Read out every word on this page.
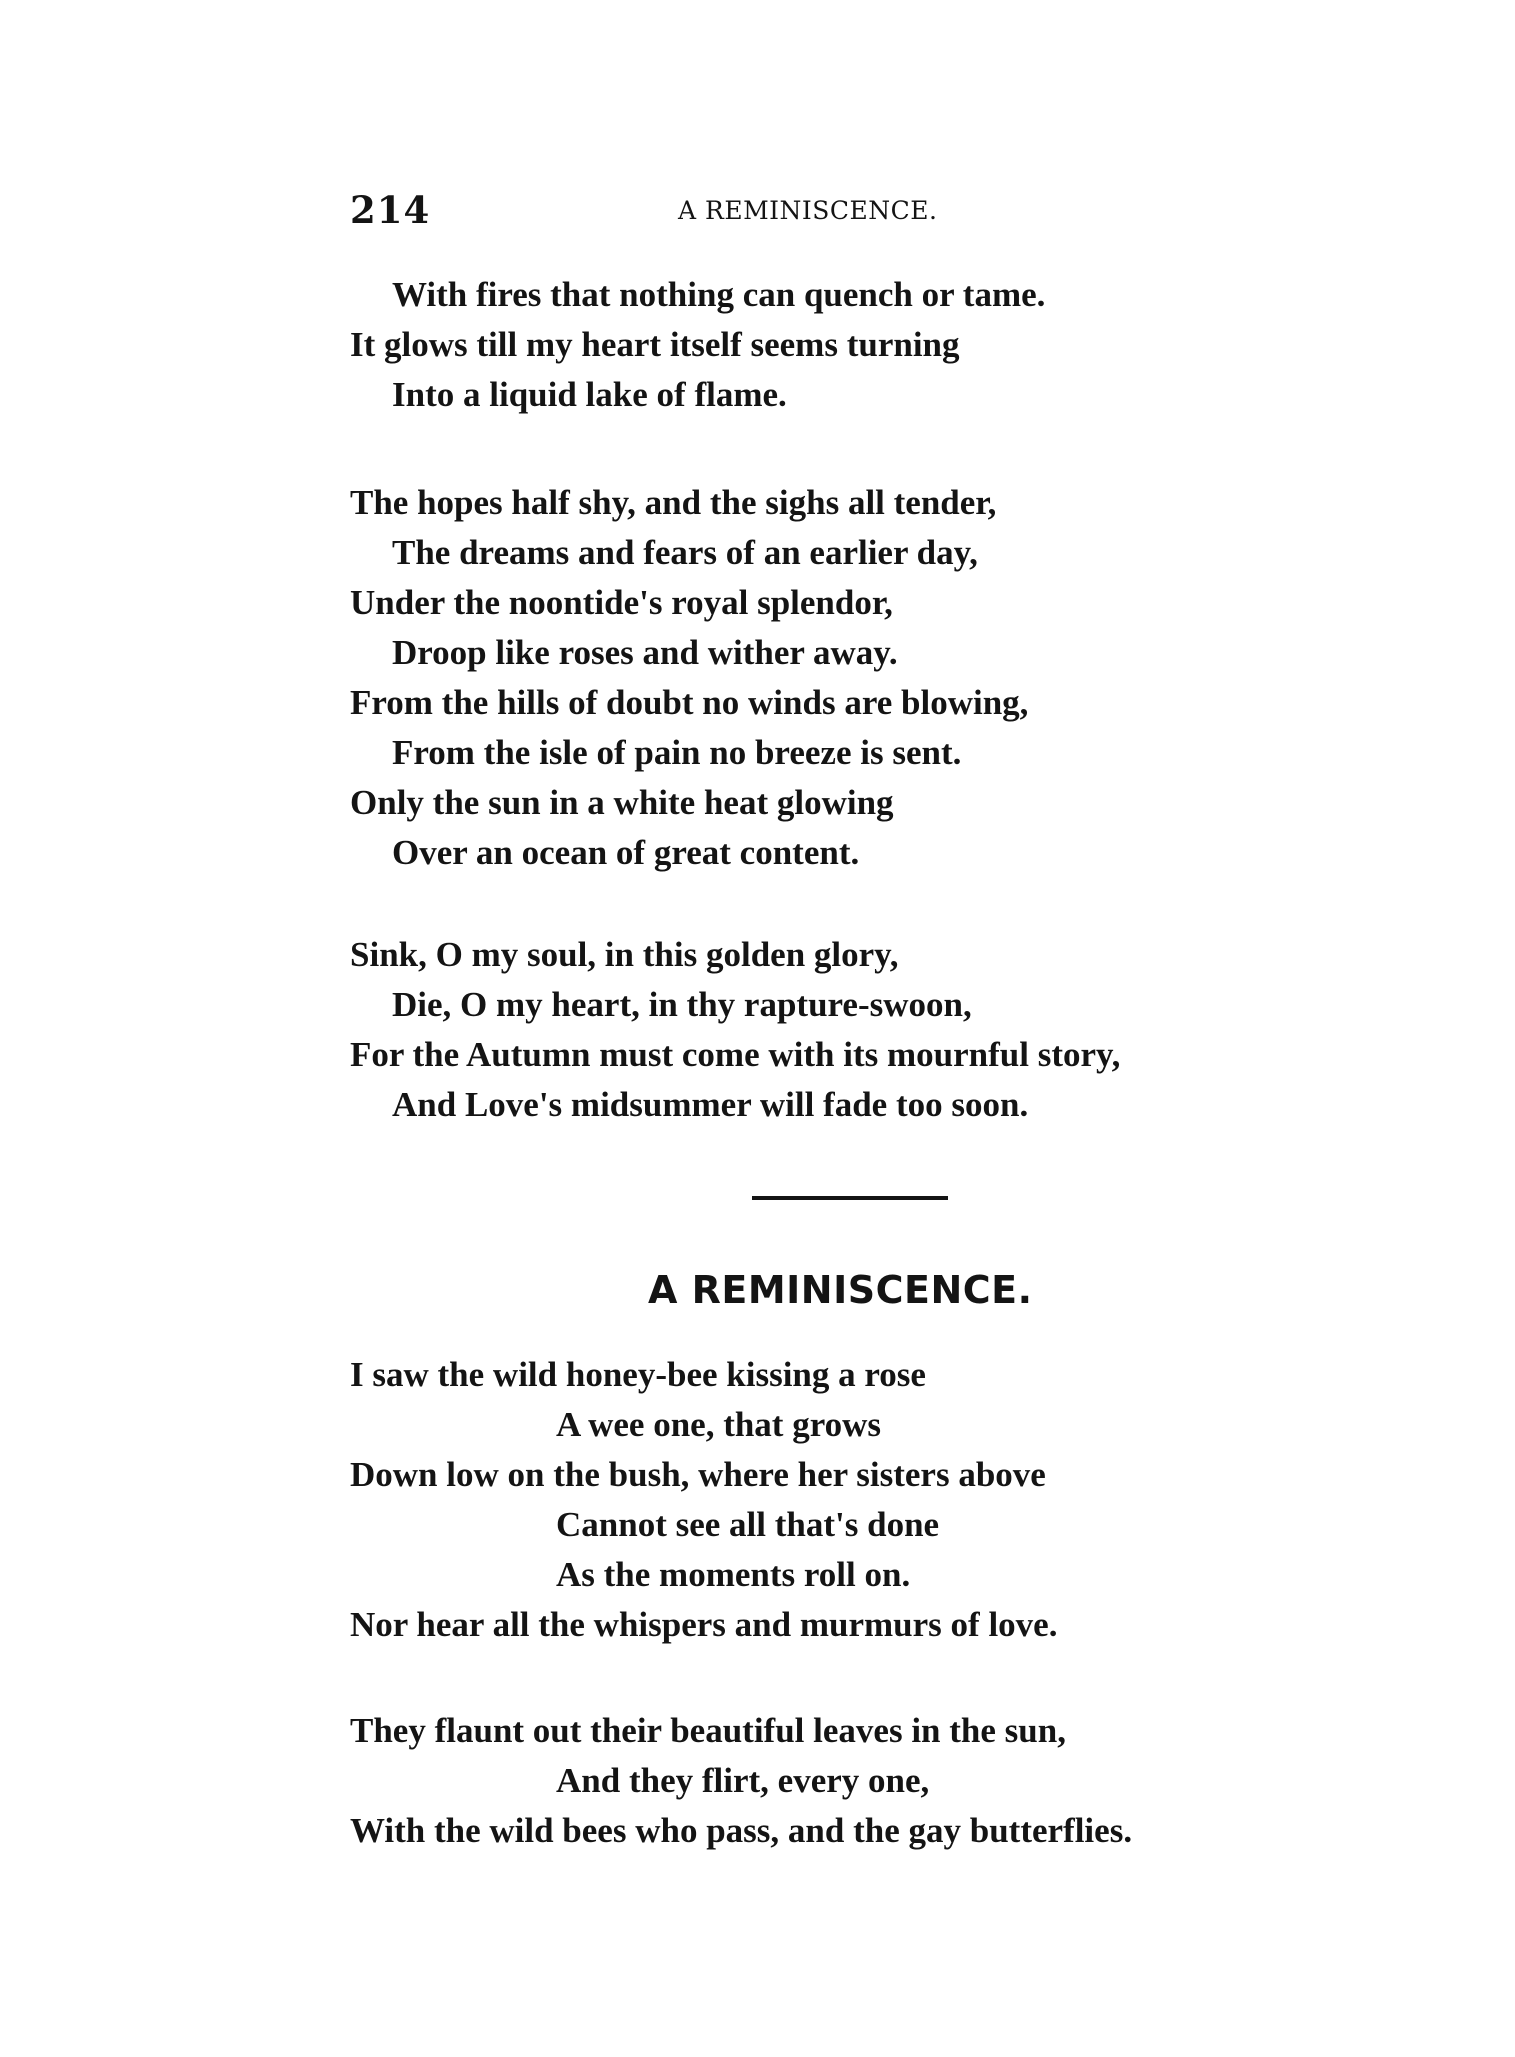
214	A REMINISCENCE.
With fires that nothing can quench or tame.
It glows till my heart itself seems turning
Into a liquid lake of flame.
The hopes half shy, and the sighs all tender,
The dreams and fears of an earlier day,
Under the noontide's royal splendor,
Droop like roses and wither away.
From the hills of doubt no winds are blowing,
From the isle of pain no breeze is sent.
Only the sun in a white heat glowing
Over an ocean of great content.
Sink, O my soul, in this golden glory,
Die, O my heart, in thy rapture-swoon,
For the Autumn must come with its mournful story,
And Love's midsummer will fade too soon.
A REMINISCENCE.
I saw the wild honey-bee kissing a rose
A wee one, that grows
Down low on the bush, where her sisters above
Cannot see all that's done
As the moments roll on.
Nor hear all the whispers and murmurs of love.
They flaunt out their beautiful leaves in the sun,
And they flirt, every one,
With the wild bees who pass, and the gay butterflies.
